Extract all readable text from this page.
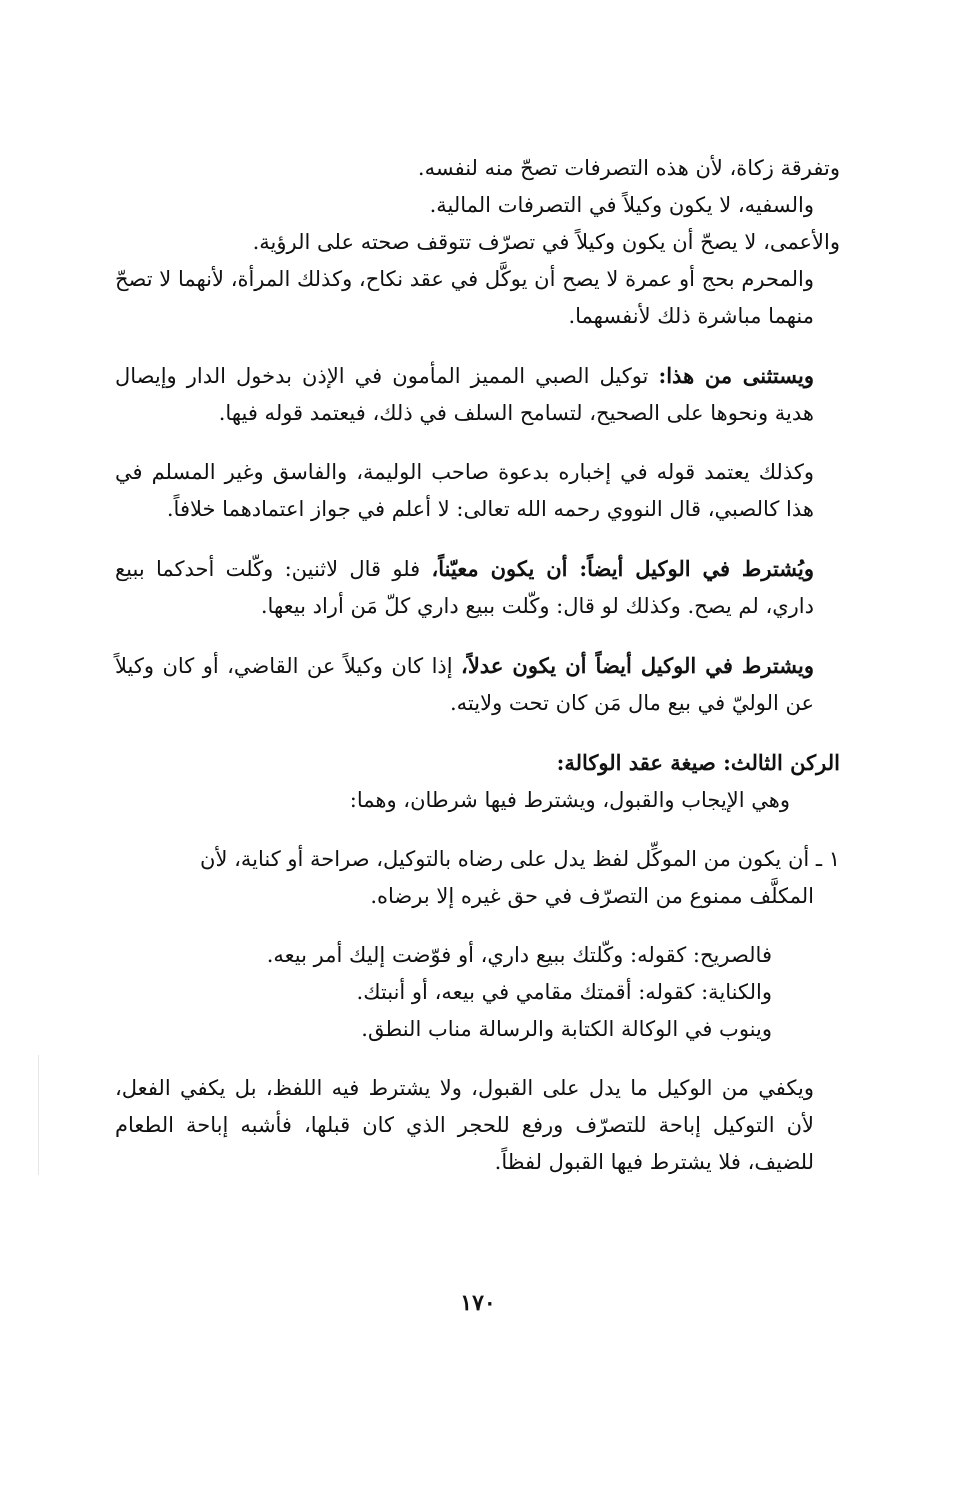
وتفرقة زكاة، لأن هذه التصرفات تصحّ منه لنفسه.

والسفيه، لا يكون وكيلاً في التصرفات المالية.

والأعمى، لا يصحّ أن يكون وكيلاً في تصرّف تتوقف صحته على الرؤية.

والمحرم بحج أو عمرة لا يصح أن يوكَّل في عقد نكاح، وكذلك المرأة، لأنهما لا تصحّ منهما مباشرة ذلك لأنفسهما.

ويستثنى من هذا: توكيل الصبي المميز المأمون في الإذن بدخول الدار وإيصال هدية ونحوها على الصحيح، لتسامح السلف في ذلك، فيعتمد قوله فيها.

وكذلك يعتمد قوله في إخباره بدعوة صاحب الوليمة، والفاسق وغير المسلم في هذا كالصبي، قال النووي رحمه الله تعالى: لا أعلم في جواز اعتمادهما خلافاً.

ويُشترط في الوكيل أيضاً: أن يكون معيّناً، فلو قال لاثنين: وكّلت أحدكما ببيع داري، لم يصح. وكذلك لو قال: وكّلت ببيع داري كلّ مَن أراد بيعها.

ويشترط في الوكيل أيضاً أن يكون عدلاً، إذا كان وكيلاً عن القاضي، أو كان وكيلاً عن الوليّ في بيع مال مَن كان تحت ولايته.

الركن الثالث: صيغة عقد الوكالة:

وهي الإيجاب والقبول، ويشترط فيها شرطان، وهما:

١ ـ أن يكون من الموكِّل لفظ يدل على رضاه بالتوكيل، صراحة أو كناية، لأن
المكلَّف ممنوع من التصرّف في حق غيره إلا برضاه.

فالصريح: كقوله: وكّلتك ببيع داري، أو فوّضت إليك أمر بيعه.

والكناية: كقوله: أقمتك مقامي في بيعه، أو أنبتك.

وينوب في الوكالة الكتابة والرسالة مناب النطق.

ويكفي من الوكيل ما يدل على القبول، ولا يشترط فيه اللفظ، بل يكفي الفعل، لأن التوكيل إباحة للتصرّف ورفع للحجر الذي كان قبلها، فأشبه إباحة الطعام للضيف، فلا يشترط فيها القبول لفظاً.

١٧٠
